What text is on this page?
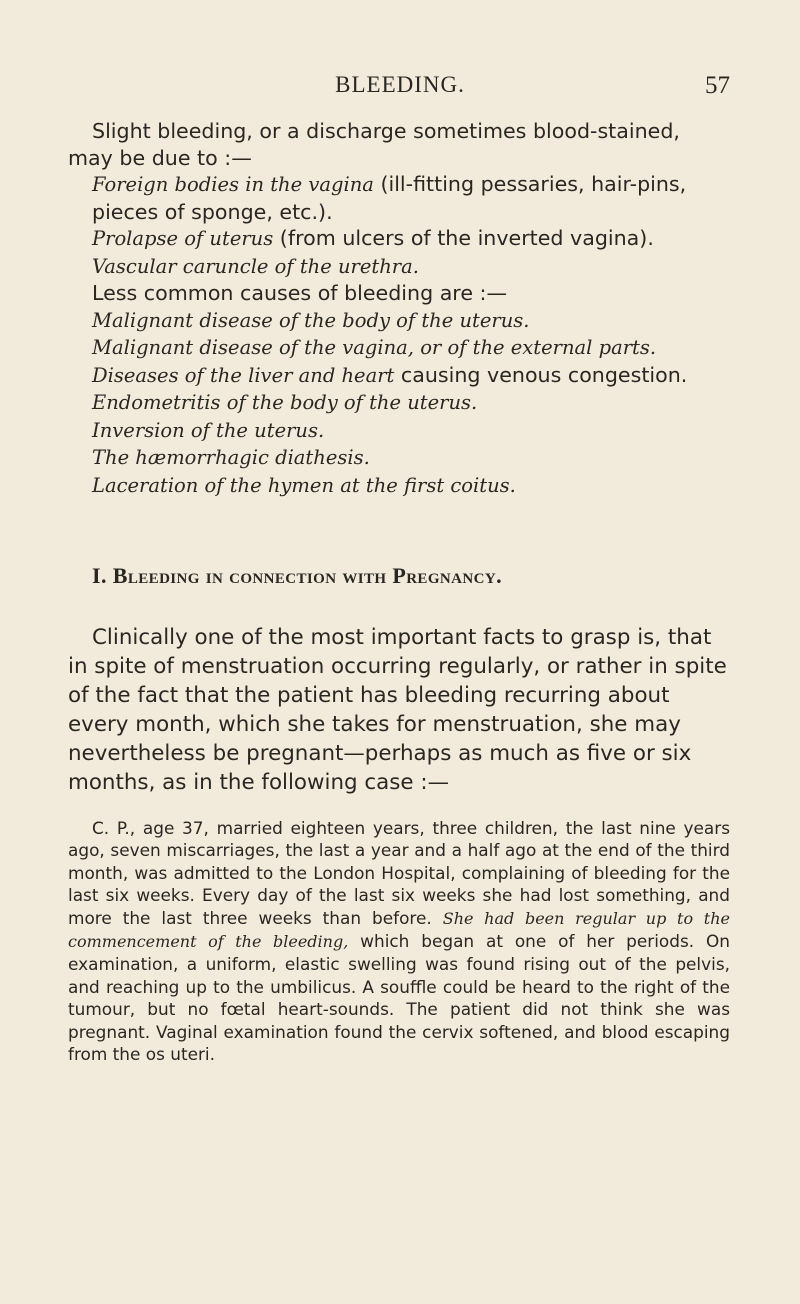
BLEEDING.	57

Slight bleeding, or a discharge sometimes blood-stained, may be due to :—

Foreign bodies in the vagina (ill-fitting pessaries, hair-pins, pieces of sponge, etc.).

Prolapse of uterus (from ulcers of the inverted vagina).

Vascular caruncle of the urethra.

Less common causes of bleeding are :—

Malignant disease of the body of the uterus.

Malignant disease of the vagina, or of the external parts.

Diseases of the liver and heart causing venous congestion.

Endometritis of the body of the uterus.

Inversion of the uterus.

The hæmorrhagic diathesis.

Laceration of the hymen at the first coitus.

I. Bleeding in connection with Pregnancy.

Clinically one of the most important facts to grasp is, that in spite of menstruation occurring regularly, or rather in spite of the fact that the patient has bleeding recurring about every month, which she takes for menstruation, she may nevertheless be pregnant—perhaps as much as five or six months, as in the following case :—

C. P., age 37, married eighteen years, three children, the last nine years ago, seven miscarriages, the last a year and a half ago at the end of the third month, was admitted to the London Hospital, complaining of bleeding for the last six weeks. Every day of the last six weeks she had lost something, and more the last three weeks than before. She had been regular up to the commencement of the bleeding, which began at one of her periods. On examination, a uniform, elastic swelling was found rising out of the pelvis, and reaching up to the umbilicus. A souffle could be heard to the right of the tumour, but no fœtal heart-sounds. The patient did not think she was pregnant. Vaginal examination found the cervix softened, and blood escaping from the os uteri.
